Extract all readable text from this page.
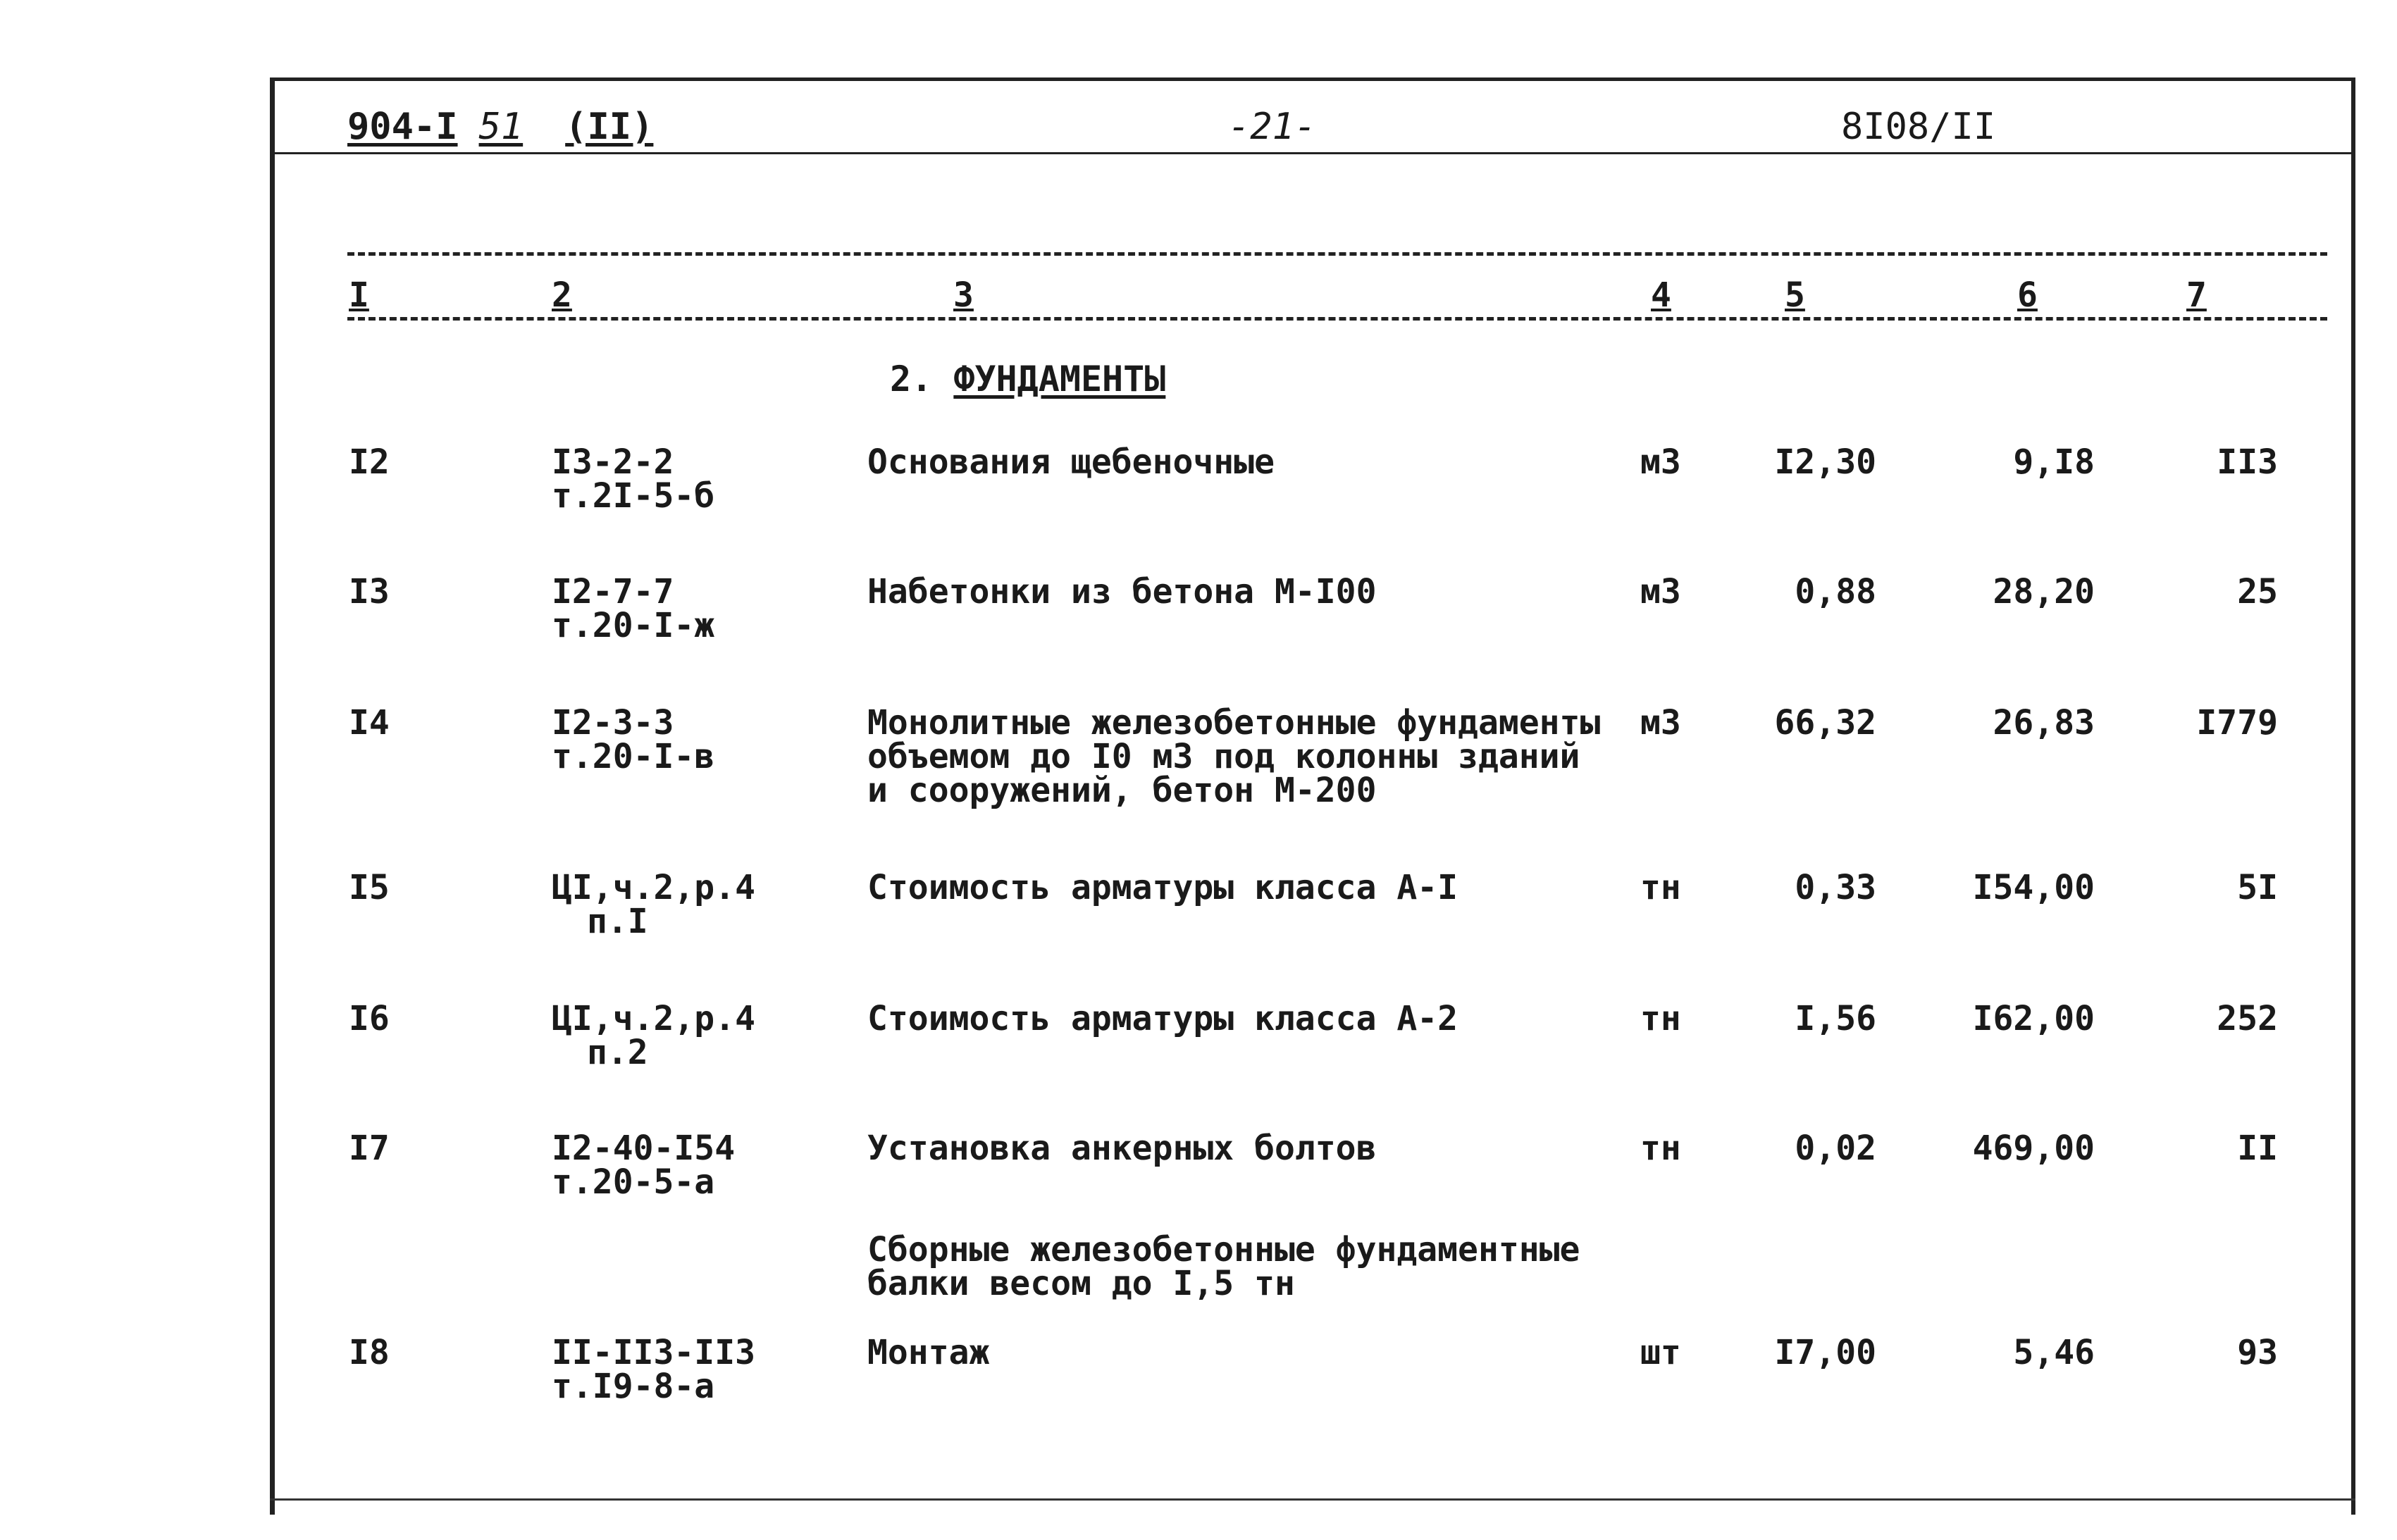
904-I 51 (II)	-21-	8I08/II
I	2	3	4	5	6	7
2. ФУНДАМЕНТЫ
I2	I3-2-2
т.2I-5-б
Основания щебеночные	м3	I2,30	9,I8	II3
I3	I2-7-7
т.20-I-ж
Набетонки из бетона М-I00	м3	0,88	28,20	25
I4	I2-3-3
т.20-I-в
Монолитные железобетонные фундаменты
объемом до I0 м3 под колонны зданий
и сооружений, бетон М-200
м3	66,32	26,83	I779
I5	ЦI,ч.2,р.4
п.I
Стоимость арматуры класса А-I	тн	0,33	I54,00	5I
I6	ЦI,ч.2,р.4
п.2
Стоимость арматуры класса А-2	тн	I,56	I62,00	252
I7	I2-40-I54
т.20-5-а
Установка анкерных болтов	тн	0,02	469,00	II
Сборные железобетонные фундаментные
балки весом до I,5 тн
I8	II-II3-II3
т.I9-8-а
Монтаж	шт	I7,00	5,46	93
